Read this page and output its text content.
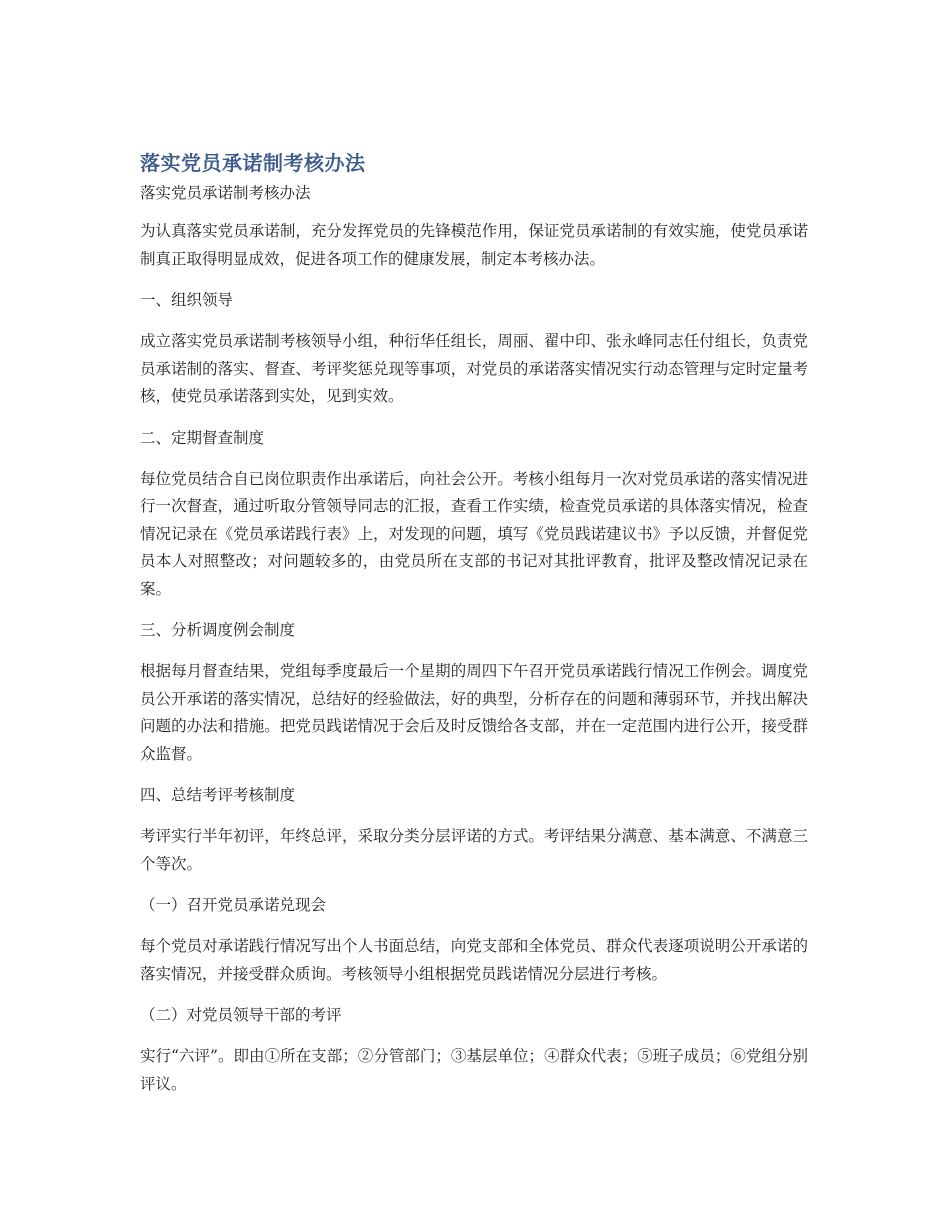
落实党员承诺制考核办法
落实党员承诺制考核办法

为认真落实党员承诺制，充分发挥党员的先锋模范作用，保证党员承诺制的有效实施，使党员承诺制真正取得明显成效，促进各项工作的健康发展，制定本考核办法。

一、组织领导

成立落实党员承诺制考核领导小组，种衍华任组长，周丽、翟中印、张永峰同志任付组长，负责党员承诺制的落实、督查、考评奖惩兑现等事项，对党员的承诺落实情况实行动态管理与定时定量考核，使党员承诺落到实处，见到实效。

二、定期督查制度

每位党员结合自已岗位职责作出承诺后，向社会公开。考核小组每月一次对党员承诺的落实情况进行一次督查，通过听取分管领导同志的汇报，查看工作实绩，检查党员承诺的具体落实情况，检查情况记录在《党员承诺践行表》上，对发现的问题，填写《党员践诺建议书》予以反馈，并督促党员本人对照整改；对问题较多的，由党员所在支部的书记对其批评教育，批评及整改情况记录在案。

三、分析调度例会制度

根据每月督查结果，党组每季度最后一个星期的周四下午召开党员承诺践行情况工作例会。调度党员公开承诺的落实情况，总结好的经验做法，好的典型，分析存在的问题和薄弱环节，并找出解决问题的办法和措施。把党员践诺情况于会后及时反馈给各支部，并在一定范围内进行公开，接受群众监督。

四、总结考评考核制度

考评实行半年初评，年终总评，采取分类分层评诺的方式。考评结果分满意、基本满意、不满意三个等次。

（一）召开党员承诺兑现会

每个党员对承诺践行情况写出个人书面总结，向党支部和全体党员、群众代表逐项说明公开承诺的落实情况，并接受群众质询。考核领导小组根据党员践诺情况分层进行考核。

（二）对党员领导干部的考评

实行“六评”。即由①所在支部；②分管部门；③基层单位；④群众代表；⑤班子成员；⑥党组分别评议。
